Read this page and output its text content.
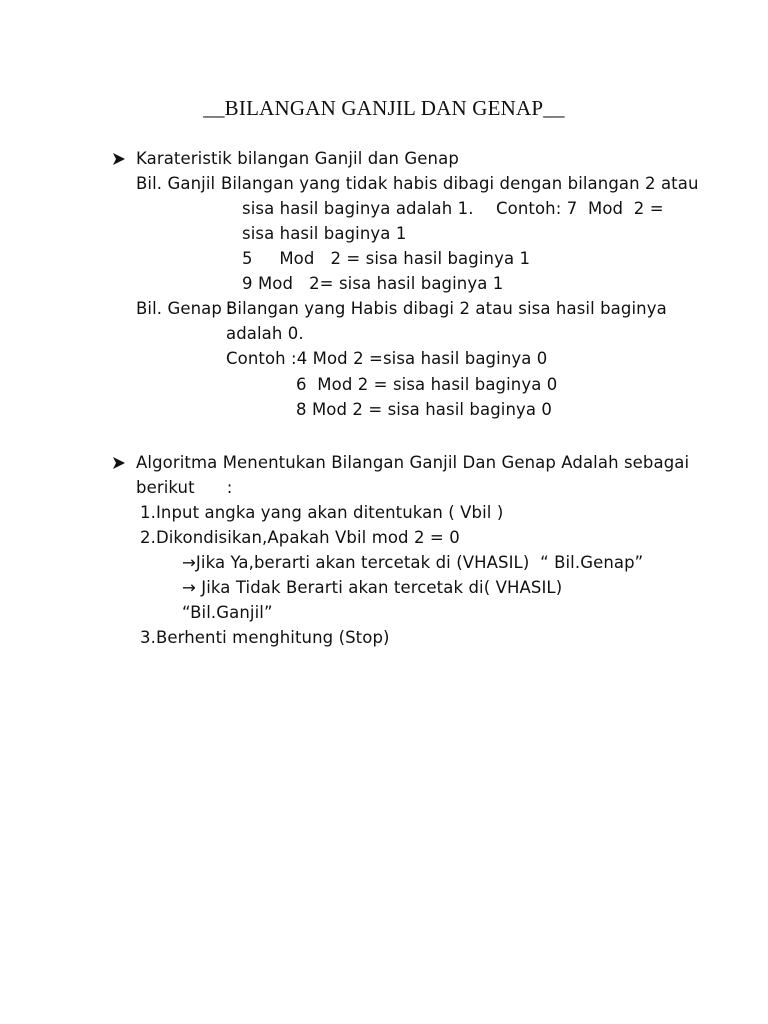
__BILANGAN GANJIL DAN GENAP__
Karateristik bilangan Ganjil dan Genap
Bil. Ganjil :
Bilangan yang tidak habis dibagi dengan bilangan 2 atau
sisa hasil baginya adalah 1. Contoh: 7  Mod  2 =
sisa hasil baginya 1
5     Mod   2 = sisa hasil baginya 1
9 Mod   2= sisa hasil baginya 1
Bil. Genap :
Bilangan yang Habis dibagi 2 atau sisa hasil baginya
adalah 0.
Contoh :4 Mod 2 =sisa hasil baginya 0
6  Mod 2 = sisa hasil baginya 0
8 Mod 2 = sisa hasil baginya 0
Algoritma Menentukan Bilangan Ganjil Dan Genap Adalah sebagai
berikut      :
1.Input angka yang akan ditentukan ( Vbil )
2.Dikondisikan,Apakah Vbil mod 2 = 0
→Jika Ya,berarti akan tercetak di (VHASIL)  “ Bil.Genap”
→ Jika Tidak Berarti akan tercetak di( VHASIL)
“Bil.Ganjil”
3.Berhenti menghitung (Stop)
